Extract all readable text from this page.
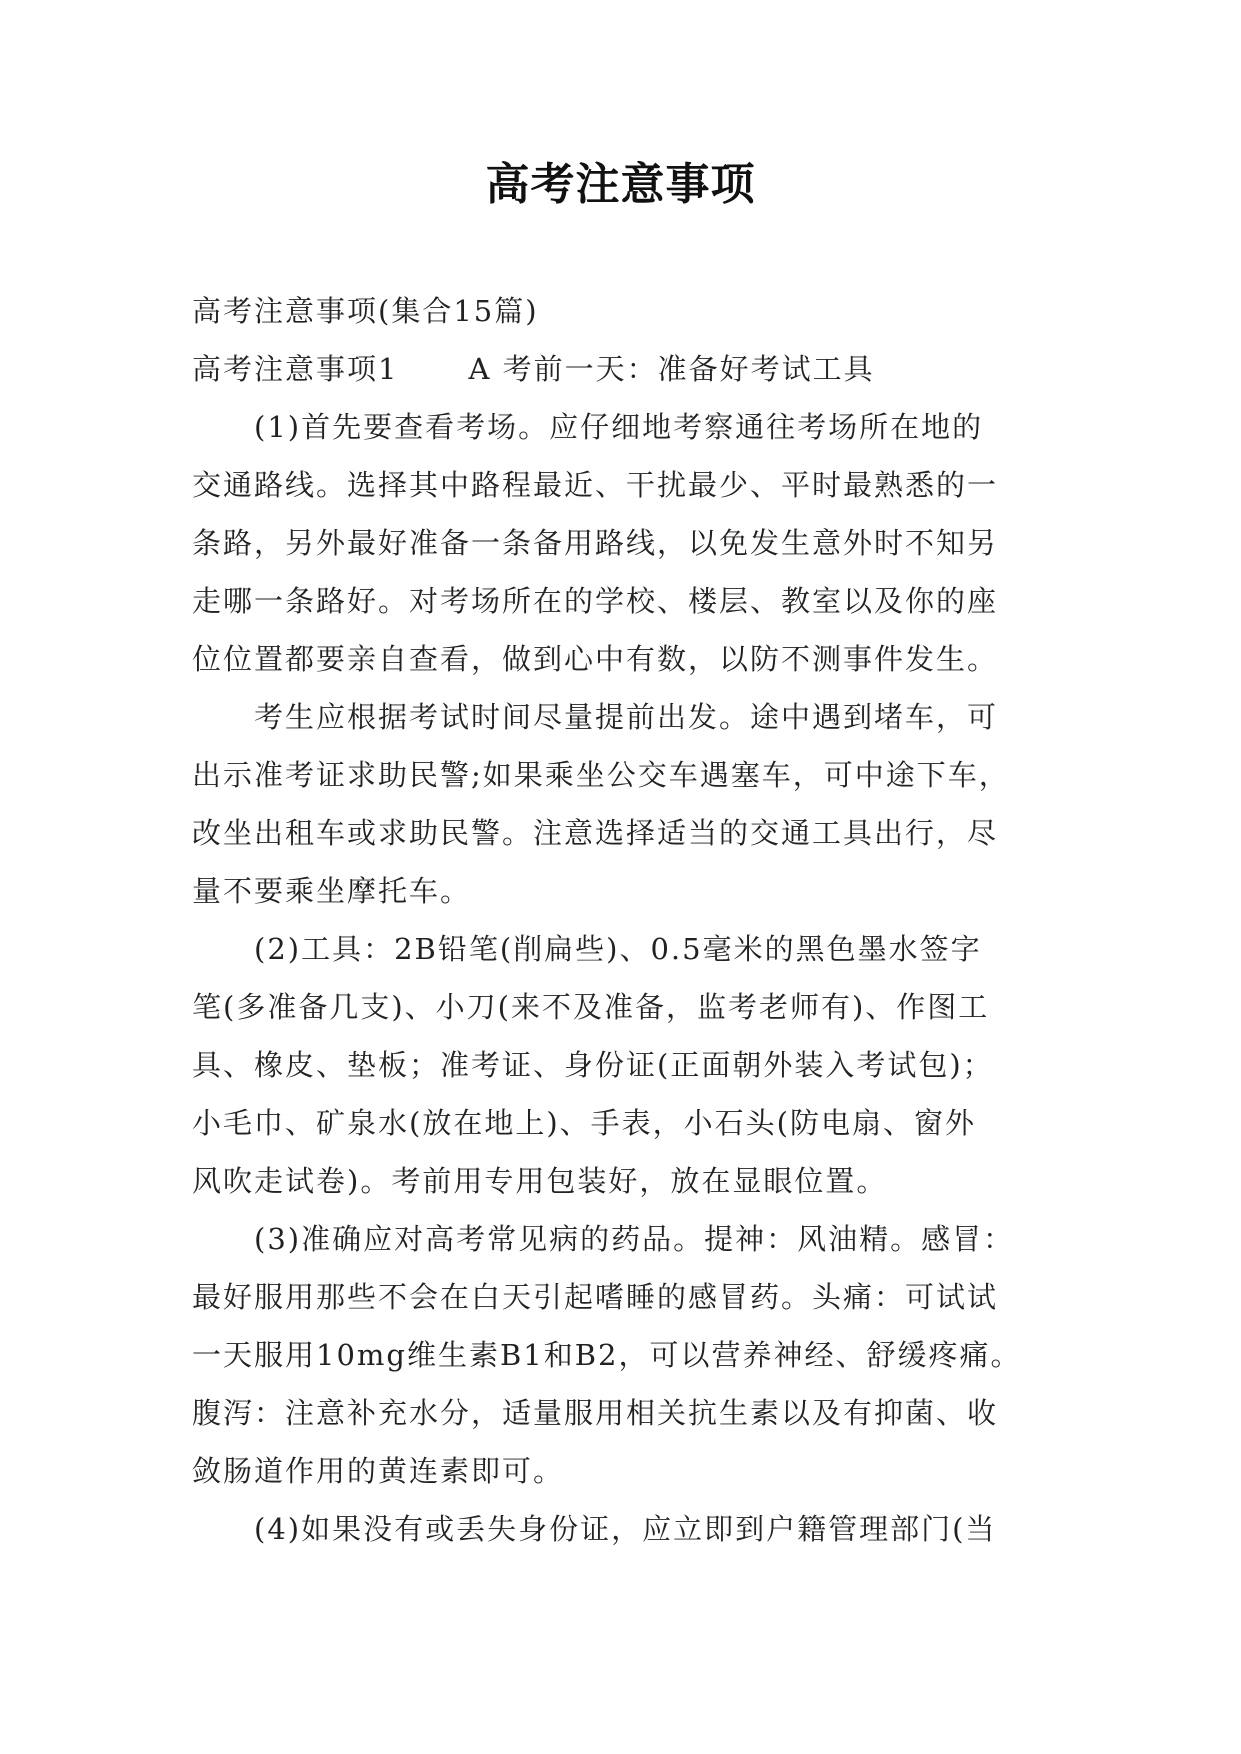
高考注意事项
高考注意事项(集合15篇)
高考注意事项1 A 考前一天：准备好考试工具
(1)首先要查看考场。应仔细地考察通往考场所在地的
交通路线。选择其中路程最近、干扰最少、平时最熟悉的一
条路，另外最好准备一条备用路线，以免发生意外时不知另
走哪一条路好。对考场所在的学校、楼层、教室以及你的座
位位置都要亲自查看，做到心中有数，以防不测事件发生。
考生应根据考试时间尽量提前出发。途中遇到堵车，可
出示准考证求助民警;如果乘坐公交车遇塞车，可中途下车，
改坐出租车或求助民警。注意选择适当的交通工具出行，尽
量不要乘坐摩托车。
(2)工具：2B铅笔(削扁些)、0.5毫米的黑色墨水签字
笔(多准备几支)、小刀(来不及准备，监考老师有)、作图工
具、橡皮、垫板；准考证、身份证(正面朝外装入考试包)；
小毛巾、矿泉水(放在地上)、手表，小石头(防电扇、窗外
风吹走试卷)。考前用专用包装好，放在显眼位置。
(3)准确应对高考常见病的药品。提神：风油精。感冒：
最好服用那些不会在白天引起嗜睡的感冒药。头痛：可试试
一天服用10mg维生素B1和B2，可以营养神经、舒缓疼痛。
腹泻：注意补充水分，适量服用相关抗生素以及有抑菌、收
敛肠道作用的黄连素即可。
(4)如果没有或丢失身份证，应立即到户籍管理部门(当
